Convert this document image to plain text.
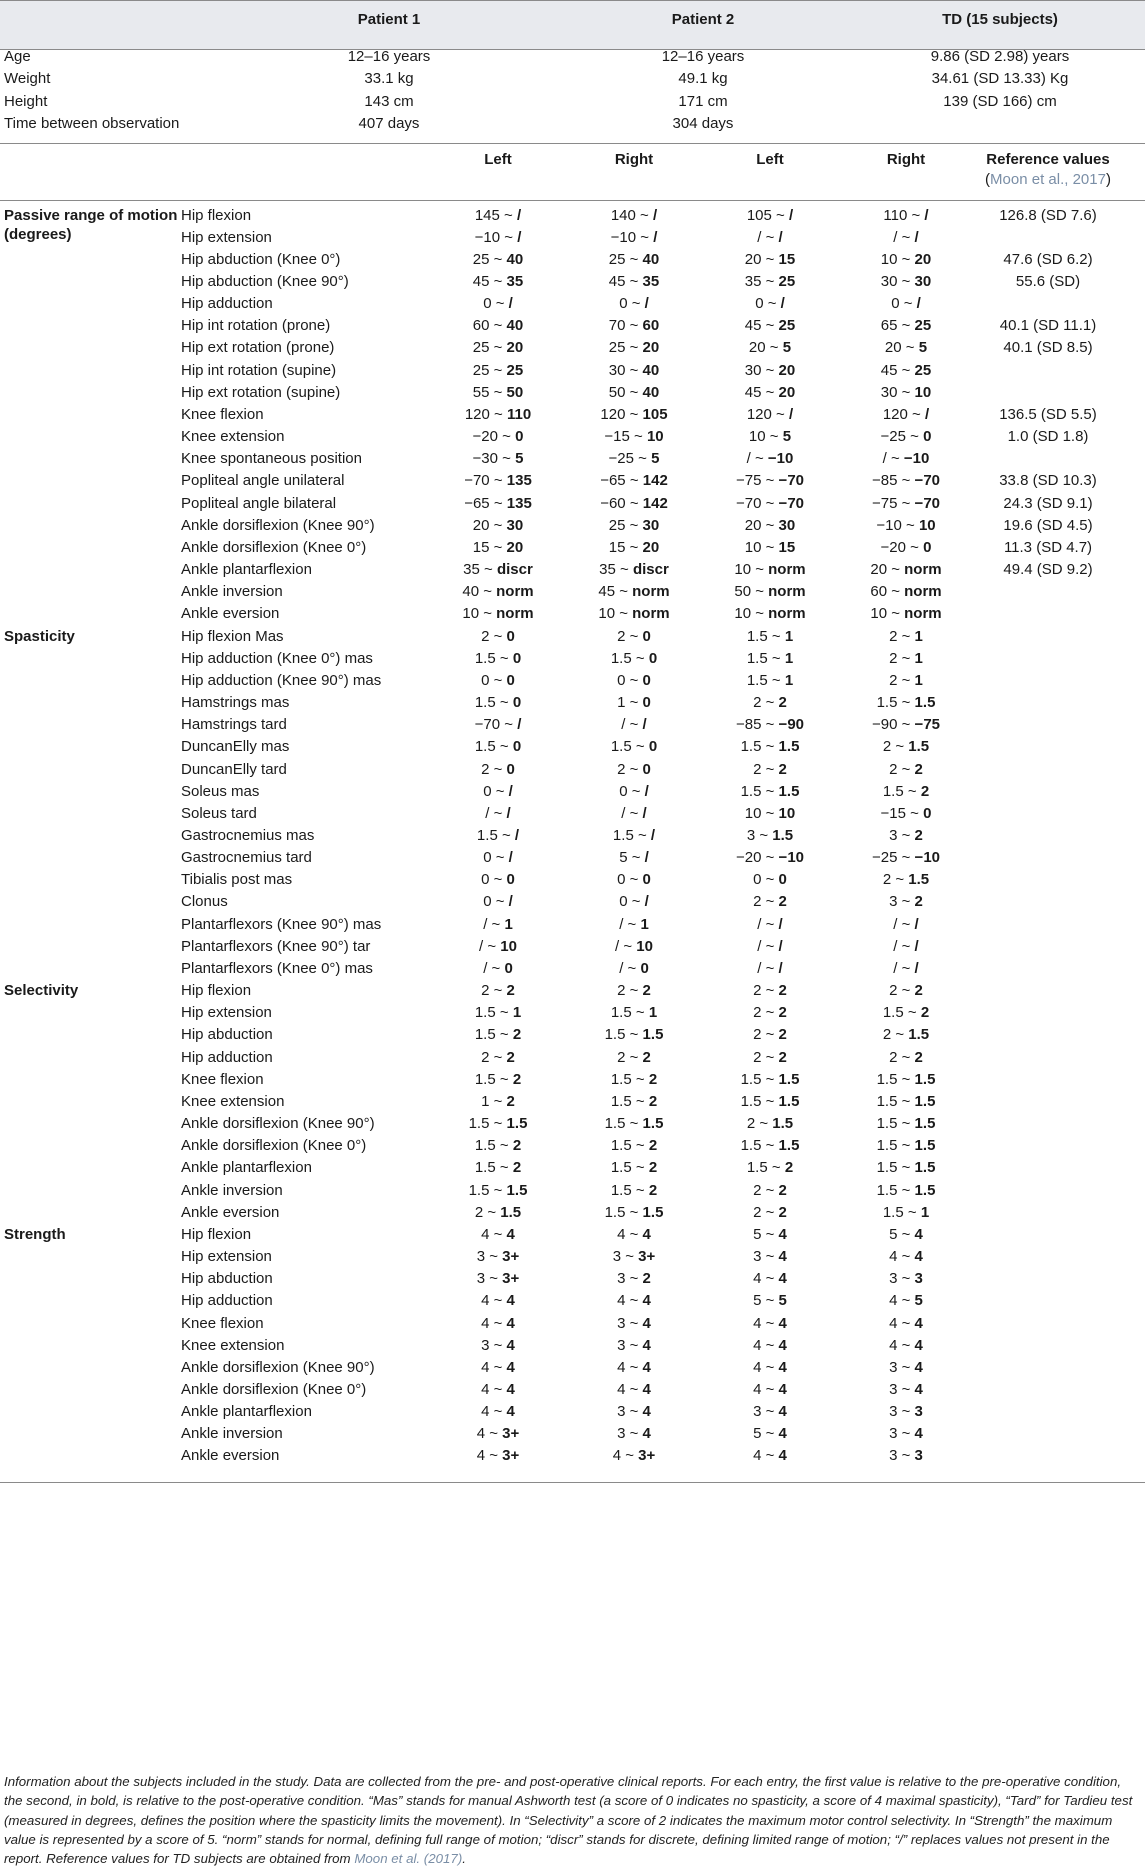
Patient 1	Patient 2	TD (15 subjects)
Age	12–16 years	12–16 years	9.86 (SD 2.98) years
Weight	33.1 kg	49.1 kg	34.61 (SD 13.33) Kg
Height	143 cm	171 cm	139 (SD 166) cm
Time between observation	407 days	304 days
Left	Right	Left	Right	Reference values
(Moon et al., 2017)
Passive range of motion
(degrees)
Hip flexion	145 ~ /	140 ~ /	105 ~ /	110 ~ /	126.8 (SD 7.6)
Hip extension	−10 ~ /	−10 ~ /	/ ~ /	/ ~ /
Hip abduction (Knee 0°)	25 ~ 40	25 ~ 40	20 ~ 15	10 ~ 20	47.6 (SD 6.2)
Hip abduction (Knee 90°)	45 ~ 35	45 ~ 35	35 ~ 25	30 ~ 30	55.6 (SD)
Hip adduction	0 ~ /	0 ~ /	0 ~ /	0 ~ /
Hip int rotation (prone)	60 ~ 40	70 ~ 60	45 ~ 25	65 ~ 25	40.1 (SD 11.1)
Hip ext rotation (prone)	25 ~ 20	25 ~ 20	20 ~ 5	20 ~ 5	40.1 (SD 8.5)
Hip int rotation (supine)	25 ~ 25	30 ~ 40	30 ~ 20	45 ~ 25
Hip ext rotation (supine)	55 ~ 50	50 ~ 40	45 ~ 20	30 ~ 10
Knee flexion	120 ~ 110	120 ~ 105	120 ~ /	120 ~ /	136.5 (SD 5.5)
Knee extension	−20 ~ 0	−15 ~ 10	10 ~ 5	−25 ~ 0	1.0 (SD 1.8)
Knee spontaneous position	−30 ~ 5	−25 ~ 5	/ ~ −10	/ ~ −10
Popliteal angle unilateral	−70 ~ 135	−65 ~ 142	−75 ~ −70	−85 ~ −70	33.8 (SD 10.3)
Popliteal angle bilateral	−65 ~ 135	−60 ~ 142	−70 ~ −70	−75 ~ −70	24.3 (SD 9.1)
Ankle dorsiflexion (Knee 90°)	20 ~ 30	25 ~ 30	20 ~ 30	−10 ~ 10	19.6 (SD 4.5)
Ankle dorsiflexion (Knee 0°)	15 ~ 20	15 ~ 20	10 ~ 15	−20 ~ 0	11.3 (SD 4.7)
Ankle plantarflexion	35 ~ discr	35 ~ discr	10 ~ norm	20 ~ norm	49.4 (SD 9.2)
Ankle inversion	40 ~ norm	45 ~ norm	50 ~ norm	60 ~ norm
Ankle eversion	10 ~ norm	10 ~ norm	10 ~ norm	10 ~ norm
Spasticity	Hip flexion Mas	2 ~ 0	2 ~ 0	1.5 ~ 1	2 ~ 1
Hip adduction (Knee 0°) mas	1.5 ~ 0	1.5 ~ 0	1.5 ~ 1	2 ~ 1
Hip adduction (Knee 90°) mas	0 ~ 0	0 ~ 0	1.5 ~ 1	2 ~ 1
Hamstrings mas	1.5 ~ 0	1 ~ 0	2 ~ 2	1.5 ~ 1.5
Hamstrings tard	−70 ~ /	/ ~ /	−85 ~ −90	−90 ~ −75
DuncanElly mas	1.5 ~ 0	1.5 ~ 0	1.5 ~ 1.5	2 ~ 1.5
DuncanElly tard	2 ~ 0	2 ~ 0	2 ~ 2	2 ~ 2
Soleus mas	0 ~ /	0 ~ /	1.5 ~ 1.5	1.5 ~ 2
Soleus tard	/ ~ /	/ ~ /	10 ~ 10	−15 ~ 0
Gastrocnemius mas	1.5 ~ /	1.5 ~ /	3 ~ 1.5	3 ~ 2
Gastrocnemius tard	0 ~ /	5 ~ /	−20 ~ −10	−25 ~ −10
Tibialis post mas	0 ~ 0	0 ~ 0	0 ~ 0	2 ~ 1.5
Clonus	0 ~ /	0 ~ /	2 ~ 2	3 ~ 2
Plantarflexors (Knee 90°) mas	/ ~ 1	/ ~ 1	/ ~ /	/ ~ /
Plantarflexors (Knee 90°) tar	/ ~ 10	/ ~ 10	/ ~ /	/ ~ /
Plantarflexors (Knee 0°) mas	/ ~ 0	/ ~ 0	/ ~ /	/ ~ /
Selectivity	Hip flexion	2 ~ 2	2 ~ 2	2 ~ 2	2 ~ 2
Hip extension	1.5 ~ 1	1.5 ~ 1	2 ~ 2	1.5 ~ 2
Hip abduction	1.5 ~ 2	1.5 ~ 1.5	2 ~ 2	2 ~ 1.5
Hip adduction	2 ~ 2	2 ~ 2	2 ~ 2	2 ~ 2
Knee flexion	1.5 ~ 2	1.5 ~ 2	1.5 ~ 1.5	1.5 ~ 1.5
Knee extension	1 ~ 2	1.5 ~ 2	1.5 ~ 1.5	1.5 ~ 1.5
Ankle dorsiflexion (Knee 90°)	1.5 ~ 1.5	1.5 ~ 1.5	2 ~ 1.5	1.5 ~ 1.5
Ankle dorsiflexion (Knee 0°)	1.5 ~ 2	1.5 ~ 2	1.5 ~ 1.5	1.5 ~ 1.5
Ankle plantarflexion	1.5 ~ 2	1.5 ~ 2	1.5 ~ 2	1.5 ~ 1.5
Ankle inversion	1.5 ~ 1.5	1.5 ~ 2	2 ~ 2	1.5 ~ 1.5
Ankle eversion	2 ~ 1.5	1.5 ~ 1.5	2 ~ 2	1.5 ~ 1
Strength	Hip flexion	4 ~ 4	4 ~ 4	5 ~ 4	5 ~ 4
Hip extension	3 ~ 3+	3 ~ 3+	3 ~ 4	4 ~ 4
Hip abduction	3 ~ 3+	3 ~ 2	4 ~ 4	3 ~ 3
Hip adduction	4 ~ 4	4 ~ 4	5 ~ 5	4 ~ 5
Knee flexion	4 ~ 4	3 ~ 4	4 ~ 4	4 ~ 4
Knee extension	3 ~ 4	3 ~ 4	4 ~ 4	4 ~ 4
Ankle dorsiflexion (Knee 90°)	4 ~ 4	4 ~ 4	4 ~ 4	3 ~ 4
Ankle dorsiflexion (Knee 0°)	4 ~ 4	4 ~ 4	4 ~ 4	3 ~ 4
Ankle plantarflexion	4 ~ 4	3 ~ 4	3 ~ 4	3 ~ 3
Ankle inversion	4 ~ 3+	3 ~ 4	5 ~ 4	3 ~ 4
Ankle eversion	4 ~ 3+	4 ~ 3+	4 ~ 4	3 ~ 3
Information about the subjects included in the study. Data are collected from the pre- and post-operative clinical reports. For each entry, the first value is relative to the pre-operative condition, the second, in bold, is relative to the post-operative condition. “Mas” stands for manual Ashworth test (a score of 0 indicates no spasticity, a score of 4 maximal spasticity), “Tard” for Tardieu test (measured in degrees, defines the position where the spasticity limits the movement). In “Selectivity” a score of 2 indicates the maximum motor control selectivity. In “Strength” the maximum value is represented by a score of 5. “norm” stands for normal, defining full range of motion; “discr” stands for discrete, defining limited range of motion; “/” replaces values not present in the report. Reference values for TD subjects are obtained from Moon et al. (2017).
